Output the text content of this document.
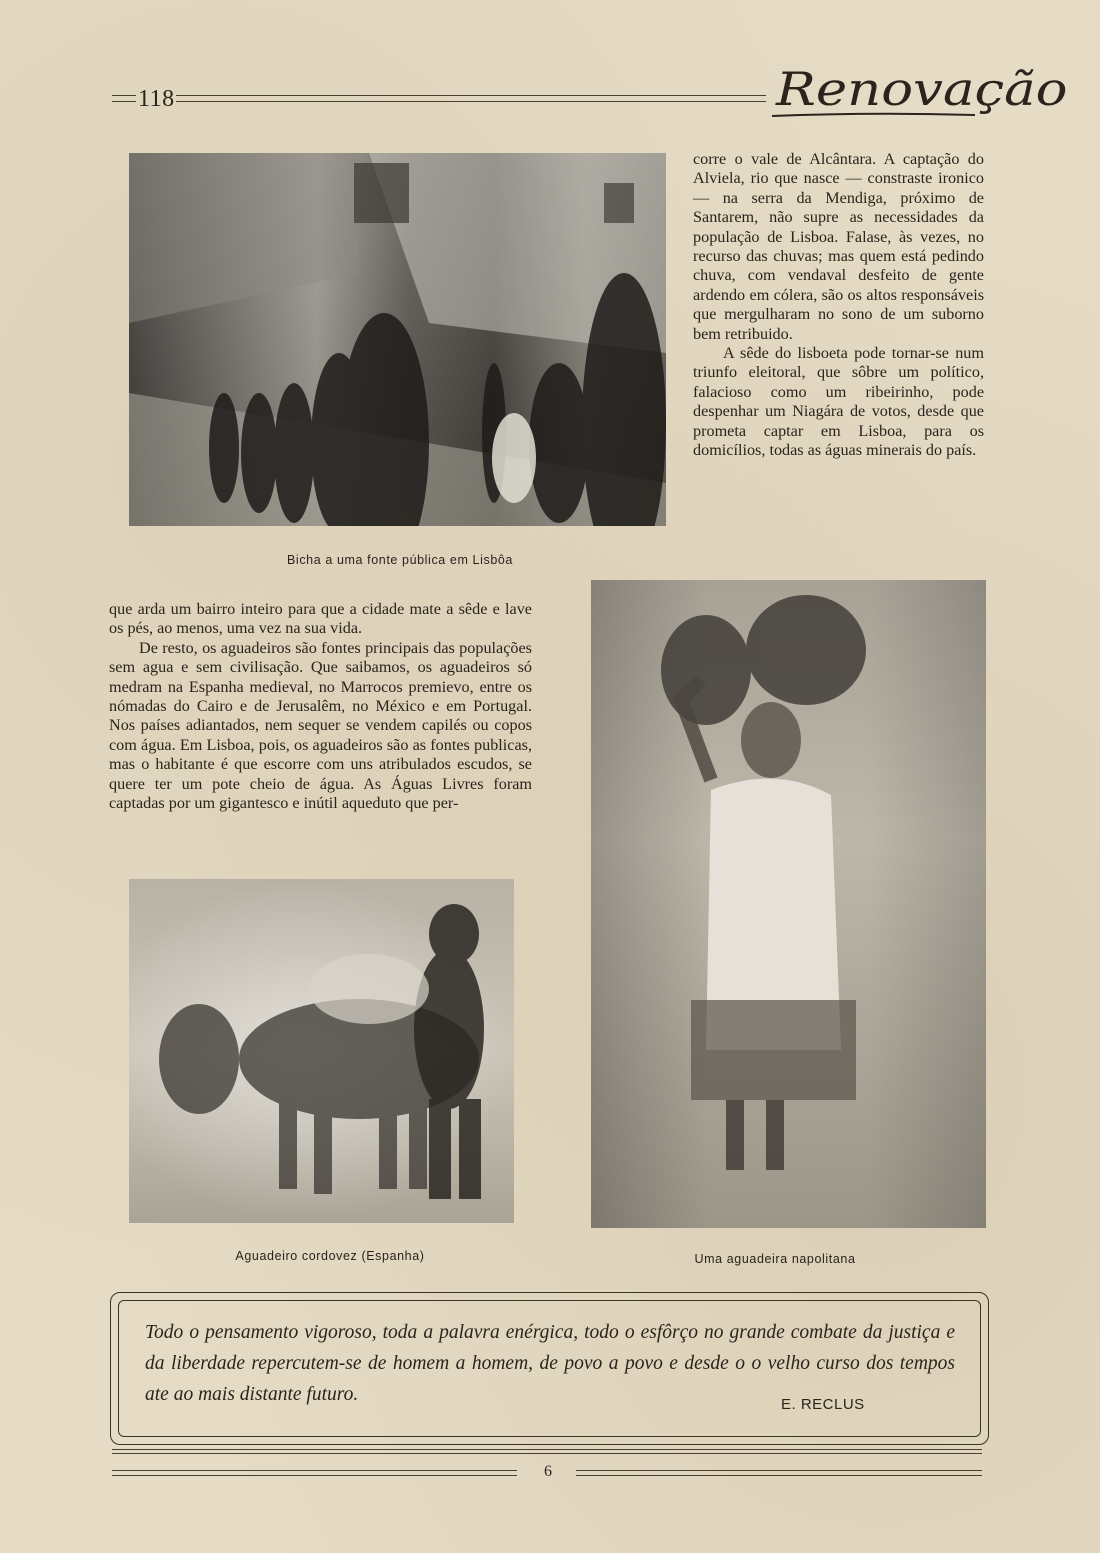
118	Renovação
Bicha a uma fonte pública em Lisbôa

corre o vale de Alcântara. A captação do Alviela, rio que nasce — constraste ironico — na serra da Mendiga, próximo de Santarem, não supre as necessidades da população de Lisboa. Falase, às vezes, no recurso das chuvas; mas quem está pedindo chuva, com vendaval desfeito de gente ardendo em cólera, são os altos responsáveis que mergulharam no sono de um suborno bem retribuido.

A sêde do lisboeta pode tornar-se num triunfo eleitoral, que sôbre um político, falacioso como um ribeirinho, pode despenhar um Niagára de votos, desde que prometa captar em Lisboa, para os domicílios, todas as águas minerais do país.

que arda um bairro inteiro para que a cidade mate a sêde e lave os pés, ao menos, uma vez na sua vida.

De resto, os aguadeiros são fontes principais das populações sem agua e sem civilisação. Que saibamos, os aguadeiros só medram na Espanha medieval, no Marrocos premievo, entre os nómadas do Cairo e de Jerusalêm, no México e em Portugal. Nos países adiantados, nem sequer se vendem capilés ou copos com água. Em Lisboa, pois, os aguadeiros são as fontes publicas, mas o habitante é que escorre com uns atribulados escudos, se quere ter um pote cheio de água. As Águas Livres foram captadas por um gigantesco e inútil aqueduto que per-

Aguadeiro cordovez (Espanha)	Uma aguadeira napolitana
Todo o pensamento vigoroso, toda a palavra enérgica, todo o esfôrço no grande combate da justiça e da liberdade repercutem-se de homem a homem, de povo a povo e desde o o velho curso dos tempos ate ao mais distante futuro.	E. RECLUS
6
